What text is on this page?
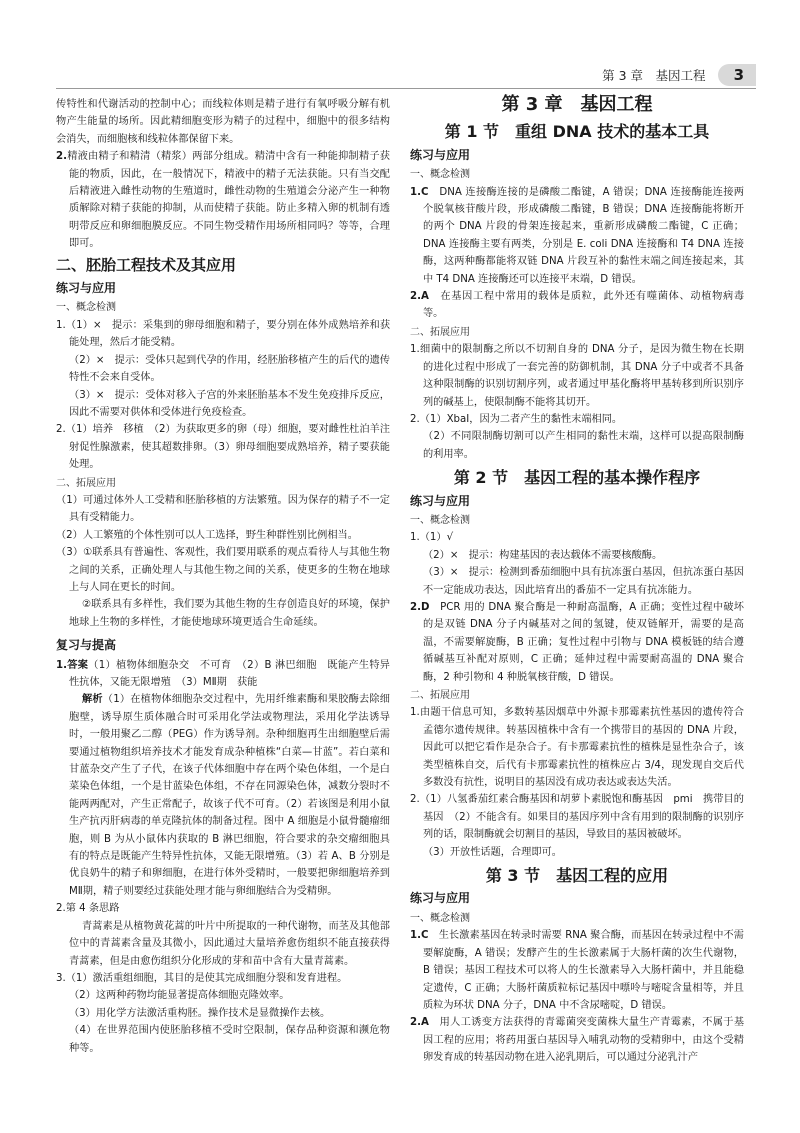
第 3 章　基因工程	3

传特性和代谢活动的控制中心；而线粒体则是精子进行有氧呼吸分解有机物产生能量的场所。因此精细胞变形为精子的过程中，细胞中的很多结构会消失，而细胞核和线粒体都保留下来。

2.精液由精子和精清（精浆）两部分组成。精清中含有一种能抑制精子获能的物质，因此，在一般情况下，精液中的精子无法获能。只有当交配后精液进入雌性动物的生殖道时，雌性动物的生殖道会分泌产生一种物质解除对精子获能的抑制，从而使精子获能。防止多精入卵的机制有透明带反应和卵细胞膜反应。不同生物受精作用场所相同吗？等等，合理即可。

二、胚胎工程技术及其应用
练习与应用
一、概念检测

1.（1）×　提示：采集到的卵母细胞和精子，要分别在体外成熟培养和获能处理，然后才能受精。

（2）×　提示：受体只起到代孕的作用，经胚胎移植产生的后代的遗传特性不会来自受体。

（3）×　提示：受体对移入子宫的外来胚胎基本不发生免疫排斥反应，因此不需要对供体和受体进行免疫检查。

2.（1）培养　移植　（2）为获取更多的卵（母）细胞，要对雌性杜泊羊注射促性腺激素，使其超数排卵。（3）卵母细胞要成熟培养，精子要获能处理。

二、拓展应用

（1）可通过体外人工受精和胚胎移植的方法繁殖。因为保存的精子不一定具有受精能力。

（2）人工繁殖的个体性别可以人工选择，野生种群性别比例相当。

（3）①联系具有普遍性、客观性，我们要用联系的观点看待人与其他生物之间的关系，正确处理人与其他生物之间的关系，使更多的生物在地球上与人同在更长的时间。

②联系具有多样性，我们要为其他生物的生存创造良好的环境，保护地球上生物的多样性，才能使地球环境更适合生命延续。

复习与提高

1.答案（1）植物体细胞杂交　不可育　（2）B 淋巴细胞　既能产生特异性抗体，又能无限增殖　（3）MⅡ期　获能

解析（1）在植物体细胞杂交过程中，先用纤维素酶和果胶酶去除细胞壁，诱导原生质体融合时可采用化学法或物理法，采用化学法诱导时，一般用聚乙二醇（PEG）作为诱导剂。杂种细胞再生出细胞壁后需要通过植物组织培养技术才能发育成杂种植株“白菜—甘蓝”。若白菜和甘蓝杂交产生了子代，在该子代体细胞中存在两个染色体组，一个是白菜染色体组，一个是甘蓝染色体组，不存在同源染色体，减数分裂时不能两两配对，产生正常配子，故该子代不可育。（2）若该图是利用小鼠生产抗丙肝病毒的单克隆抗体的制备过程。图中 A 细胞是小鼠骨髓瘤细胞，则 B 为从小鼠体内获取的 B 淋巴细胞，符合要求的杂交瘤细胞具有的特点是既能产生特异性抗体，又能无限增殖。（3）若 A、B 分别是优良奶牛的精子和卵细胞，在进行体外受精时，一般要把卵细胞培养到 MⅡ期，精子则要经过获能处理才能与卵细胞结合为受精卵。

2.第 4 条思路

青蒿素是从植物黄花蒿的叶片中所提取的一种代谢物，而茎及其他部位中的青蒿素含量及其微小，因此通过大量培养愈伤组织不能直接获得青蒿素，但是由愈伤组织分化形成的芽和苗中含有大量青蒿素。

3.（1）激活重组细胞，其目的是使其完成细胞分裂和发育进程。

（2）这两种药物均能显著提高体细胞克隆效率。

（3）用化学方法激活重构胚。操作技术是显微操作去核。

（4）在世界范围内使胚胎移植不受时空限制，保存品种资源和濒危物种等。

第 3 章　基因工程
第 1 节　重组 DNA 技术的基本工具
练习与应用
一、概念检测

1.C　 DNA 连接酶连接的是磷酸二酯键，A 错误；DNA 连接酶能连接两个脱氧核苷酸片段，形成磷酸二酯键，B 错误；DNA 连接酶能将断开的两个 DNA 片段的骨架连接起来，重新形成磷酸二酯键，C 正确；DNA 连接酶主要有两类，分别是 E. coli DNA 连接酶和 T4 DNA 连接酶，这两种酶都能将双链 DNA 片段互补的黏性末端之间连接起来，其中 T4 DNA 连接酶还可以连接平末端，D 错误。

2.A　 在基因工程中常用的载体是质粒，此外还有噬菌体、动植物病毒等。

二、拓展应用

1.细菌中的限制酶之所以不切割自身的 DNA 分子，是因为微生物在长期的进化过程中形成了一套完善的防御机制，其 DNA 分子中或者不具备这种限制酶的识别切割序列，或者通过甲基化酶将甲基转移到所识别序列的碱基上，使限制酶不能将其切开。

2.（1）XbaⅠ，因为二者产生的黏性末端相同。

（2）不同限制酶切割可以产生相同的黏性末端，这样可以提高限制酶的利用率。

第 2 节　基因工程的基本操作程序
练习与应用
一、概念检测

1.（1）√

（2）×　提示：构建基因的表达载体不需要核酸酶。

（3）×　提示：检测到番茄细胞中具有抗冻蛋白基因，但抗冻蛋白基因不一定能成功表达，因此培育出的番茄不一定具有抗冻能力。

2.D　 PCR 用的 DNA 聚合酶是一种耐高温酶，A 正确；变性过程中破坏的是双链 DNA 分子内碱基对之间的氢键，使双链解开，需要的是高温，不需要解旋酶，B 正确；复性过程中引物与 DNA 模板链的结合遵循碱基互补配对原则，C 正确；延伸过程中需要耐高温的 DNA 聚合酶，2 种引物和 4 种脱氧核苷酸，D 错误。

二、拓展应用

1.由题干信息可知，多数转基因烟草中外源卡那霉素抗性基因的遗传符合孟德尔遗传规律。转基因植株中含有一个携带目的基因的 DNA 片段，因此可以把它看作是杂合子。有卡那霉素抗性的植株是显性杂合子，该类型植株自交，后代有卡那霉素抗性的植株应占 3/4，现发现自交后代多数没有抗性，说明目的基因没有成功表达或表达失活。

2.（1）八氢番茄红素合酶基因和胡萝卜素脱饱和酶基因　pmi　携带目的基因　（2）不能含有。如果目的基因序列中含有用到的限制酶的识别序列的话，限制酶就会切割目的基因，导致目的基因被破坏。

（3）开放性话题，合理即可。

第 3 节　基因工程的应用
练习与应用
一、概念检测

1.C　 生长激素基因在转录时需要 RNA 聚合酶，而基因在转录过程中不需要解旋酶，A 错误；发酵产生的生长激素属于大肠杆菌的次生代谢物，B 错误；基因工程技术可以将人的生长激素导入大肠杆菌中，并且能稳定遗传，C 正确；大肠杆菌质粒标记基因中嘌呤与嘧啶含量相等，并且质粒为环状 DNA 分子，DNA 中不含尿嘧啶，D 错误。

2.A　 用人工诱变方法获得的青霉菌突变菌株大量生产青霉素，不属于基因工程的应用；将药用蛋白基因导入哺乳动物的受精卵中，由这个受精卵发育成的转基因动物在进入泌乳期后，可以通过分泌乳汁产
